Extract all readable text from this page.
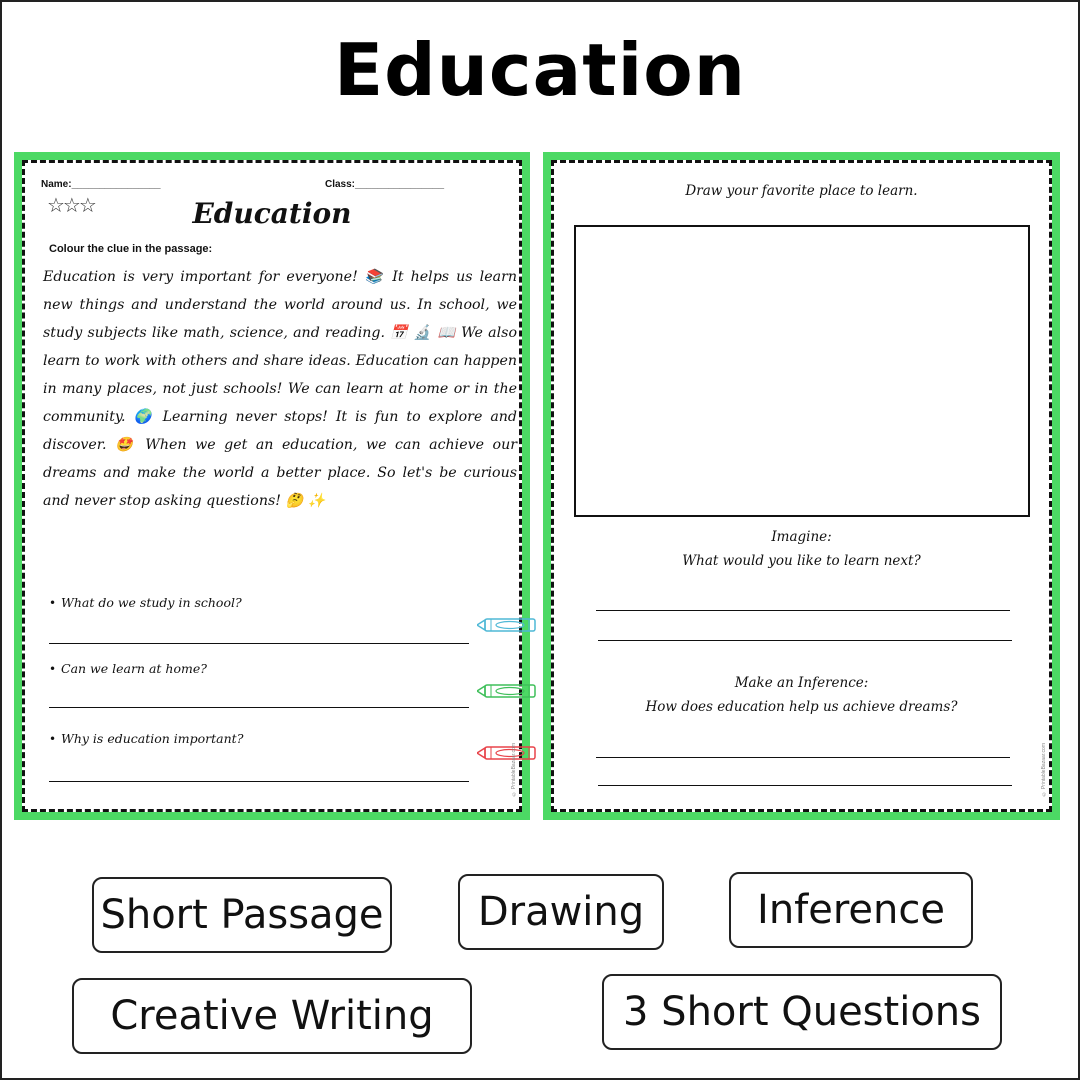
Education
Name:________________	Class:________________
☆☆☆	Education
Colour the clue in the passage:
Education is very important for everyone! 📚 It helps us learn new things and understand the world around us. In school, we study subjects like math, science, and reading. 📅 🔬 📖 We also learn to work with others and share ideas. Education can happen in many places, not just schools! We can learn at home or in the community. 🌍 Learning never stops! It is fun to explore and discover. 🤩 When we get an education, we can achieve our dreams and make the world a better place. So let's be curious and never stop asking questions! 🤔 ✨
• What do we study in school?
• Can we learn at home?
• Why is education important?
© PrintableBazaar.com
Draw your favorite place to learn.
Imagine:
What would you like to learn next?
Make an Inference:
How does education help us achieve dreams?
© PrintableBazaar.com
Short Passage	Drawing	Inference
Creative Writing	3 Short Questions
